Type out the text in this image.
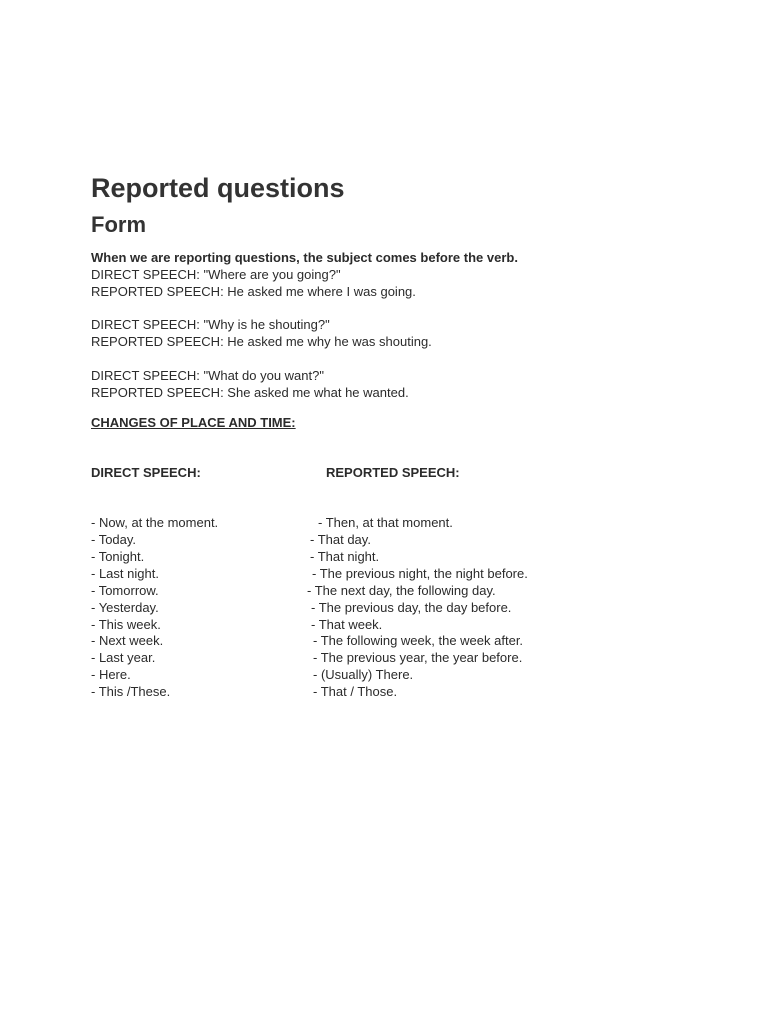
Reported questions
Form

When we are reporting questions, the subject comes before the verb.

DIRECT SPEECH: "Where are you going?"

REPORTED SPEECH: He asked me where I was going.

DIRECT SPEECH: "Why is he shouting?"

REPORTED SPEECH: He asked me why he was shouting.

DIRECT SPEECH: "What do you want?"

REPORTED SPEECH: She asked me what he wanted.

CHANGES OF PLACE AND TIME:

DIRECT SPEECH:	REPORTED SPEECH:

- Now, at the moment.	- Then, at that moment.

- Today.	- That day.

- Tonight.	- That night.

- Last night.	- The previous night, the night before.

- Tomorrow.	- The next day, the following day.

- Yesterday.	- The previous day, the day before.

- This week.	- That week.

- Next week.	- The following week, the week after.

- Last year.	- The previous year, the year before.

- Here.	- (Usually) There.

- This /These.	- That / Those.
